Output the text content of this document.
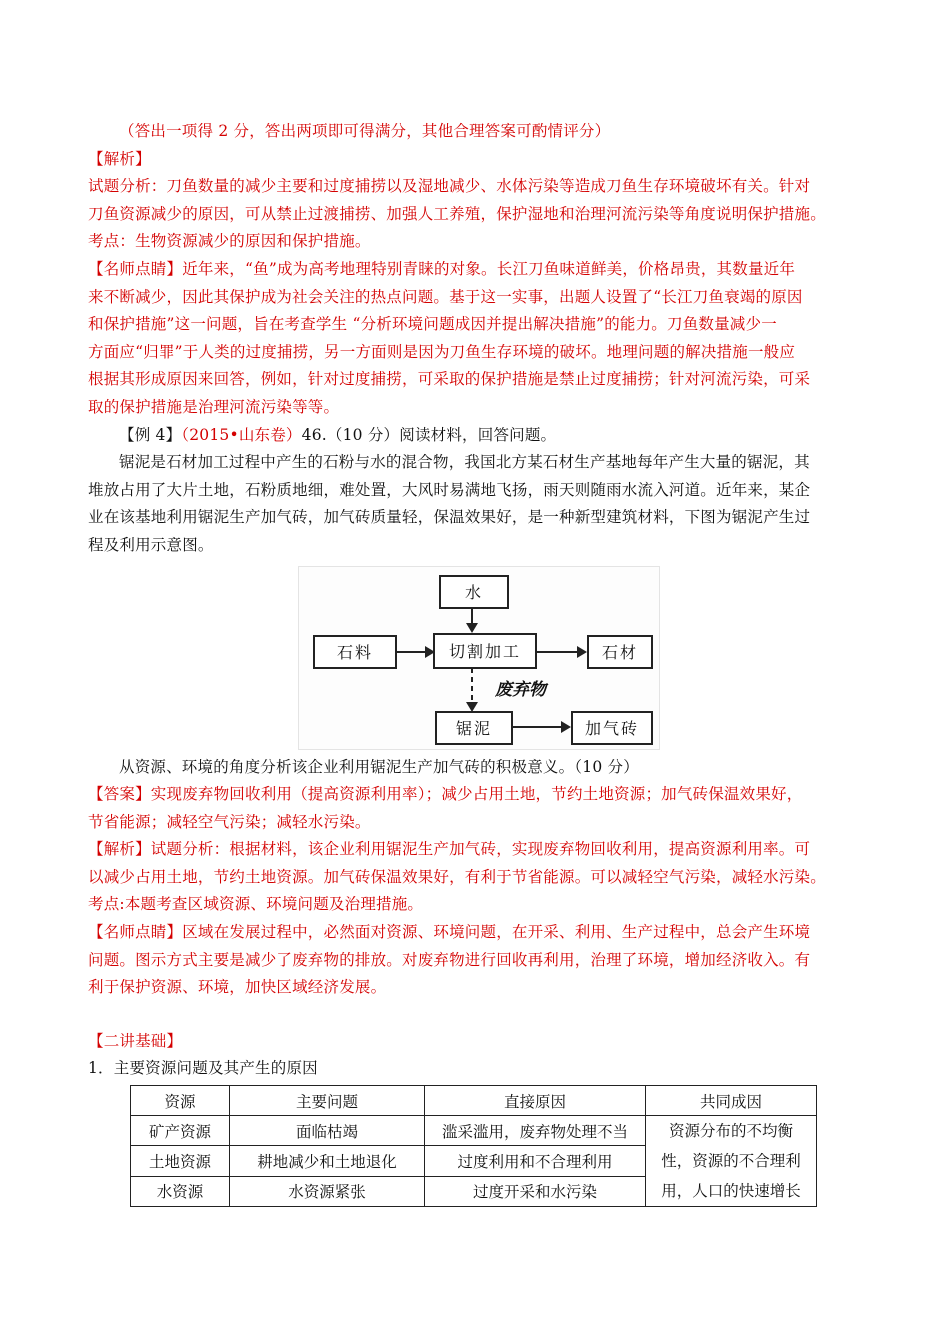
（答出一项得 2 分，答出两项即可得满分，其他合理答案可酌情评分）
【解析】
试题分析：刀鱼数量的减少主要和过度捕捞以及湿地减少、水体污染等造成刀鱼生存环境破坏有关。针对
刀鱼资源减少的原因，可从禁止过渡捕捞、加强人工养殖，保护湿地和治理河流污染等角度说明保护措施。
考点：生物资源减少的原因和保护措施。
【名师点睛】近年来，“鱼”成为高考地理特别青睐的对象。长江刀鱼味道鲜美，价格昂贵，其数量近年
来不断减少，因此其保护成为社会关注的热点问题。基于这一实事，出题人设置了“长江刀鱼衰竭的原因
和保护措施”这一问题，旨在考查学生 “分析环境问题成因并提出解决措施”的能力。刀鱼数量减少一
方面应“归罪”于人类的过度捕捞，另一方面则是因为刀鱼生存环境的破坏。地理问题的解决措施一般应
根据其形成原因来回答，例如，针对过度捕捞，可采取的保护措施是禁止过度捕捞；针对河流污染，可采
取的保护措施是治理河流污染等等。
【例 4】（2015•山东卷）46.（10 分）阅读材料，回答问题。
锯泥是石材加工过程中产生的石粉与水的混合物，我国北方某石材生产基地每年产生大量的锯泥，其
堆放占用了大片土地，石粉质地细，难处置，大风时易满地飞扬，雨天则随雨水流入河道。近年来，某企
业在该基地利用锯泥生产加气砖，加气砖质量轻，保温效果好，是一种新型建筑材料，下图为锯泥产生过
程及利用示意图。
水
石料	切割加工	石材
废弃物
锯泥	加气砖
从资源、环境的角度分析该企业利用锯泥生产加气砖的积极意义。（10 分）
【答案】实现废弃物回收利用（提高资源利用率）；减少占用土地，节约土地资源；加气砖保温效果好，
节省能源；减轻空气污染；减轻水污染。
【解析】试题分析：根据材料，该企业利用锯泥生产加气砖，实现废弃物回收利用，提高资源利用率。可
以减少占用土地，节约土地资源。加气砖保温效果好，有利于节省能源。可以减轻空气污染，减轻水污染。
考点:本题考查区域资源、环境问题及治理措施。
【名师点睛】区域在发展过程中，必然面对资源、环境问题，在开采、利用、生产过程中，总会产生环境
问题。图示方式主要是减少了废弃物的排放。对废弃物进行回收再利用，治理了环境，增加经济收入。有
利于保护资源、环境，加快区域经济发展。
【二讲基础】
1．主要资源问题及其产生的原因
资源	主要问题	直接原因	共同成因
矿产资源	面临枯竭	滥采滥用，废弃物处理不当	资源分布的不均衡
性，资源的不合理利
用，人口的快速增长

土地资源	耕地减少和土地退化	过度利用和不合理利用	
水资源	水资源紧张	过度开采和水污染	
